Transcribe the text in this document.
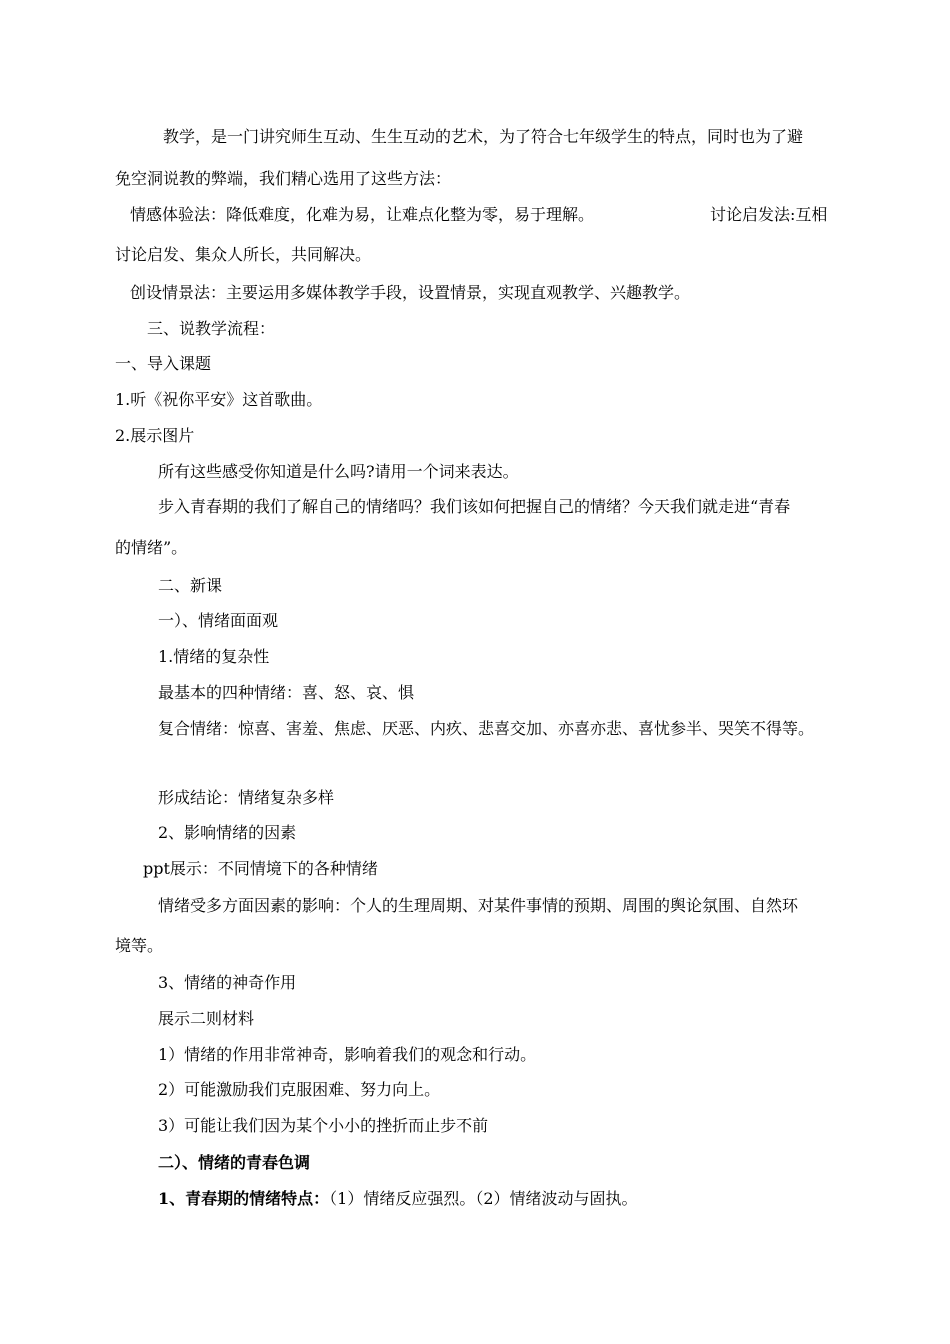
教学，是一门讲究师生互动、生生互动的艺术，为了符合七年级学生的特点，同时也为了避

免空洞说教的弊端，我们精心选用了这些方法：

情感体验法：降低难度，化难为易，让难点化整为零，易于理解。	讨论启发法:互相

讨论启发、集众人所长，共同解决。

创设情景法：主要运用多媒体教学手段，设置情景，实现直观教学、兴趣教学。

三、说教学流程：

一、导入课题

1.听《祝你平安》这首歌曲。

2.展示图片

所有这些感受你知道是什么吗?请用一个词来表达。

步入青春期的我们了解自己的情绪吗？我们该如何把握自己的情绪？今天我们就走进“青春

的情绪”。

二、新课

一）、情绪面面观

1.情绪的复杂性

最基本的四种情绪：喜、怒、哀、惧

复合情绪：惊喜、害羞、焦虑、厌恶、内疚、悲喜交加、亦喜亦悲、喜忧参半、哭笑不得等。

形成结论：情绪复杂多样

2、影响情绪的因素

ppt展示：不同情境下的各种情绪

情绪受多方面因素的影响：个人的生理周期、对某件事情的预期、周围的舆论氛围、自然环

境等。

3、情绪的神奇作用

展示二则材料

1）情绪的作用非常神奇，影响着我们的观念和行动。

2）可能激励我们克服困难、努力向上。

3）可能让我们因为某个小小的挫折而止步不前

二）、情绪的青春色调

1、青春期的情绪特点：（1）情绪反应强烈。（2）情绪波动与固执。
